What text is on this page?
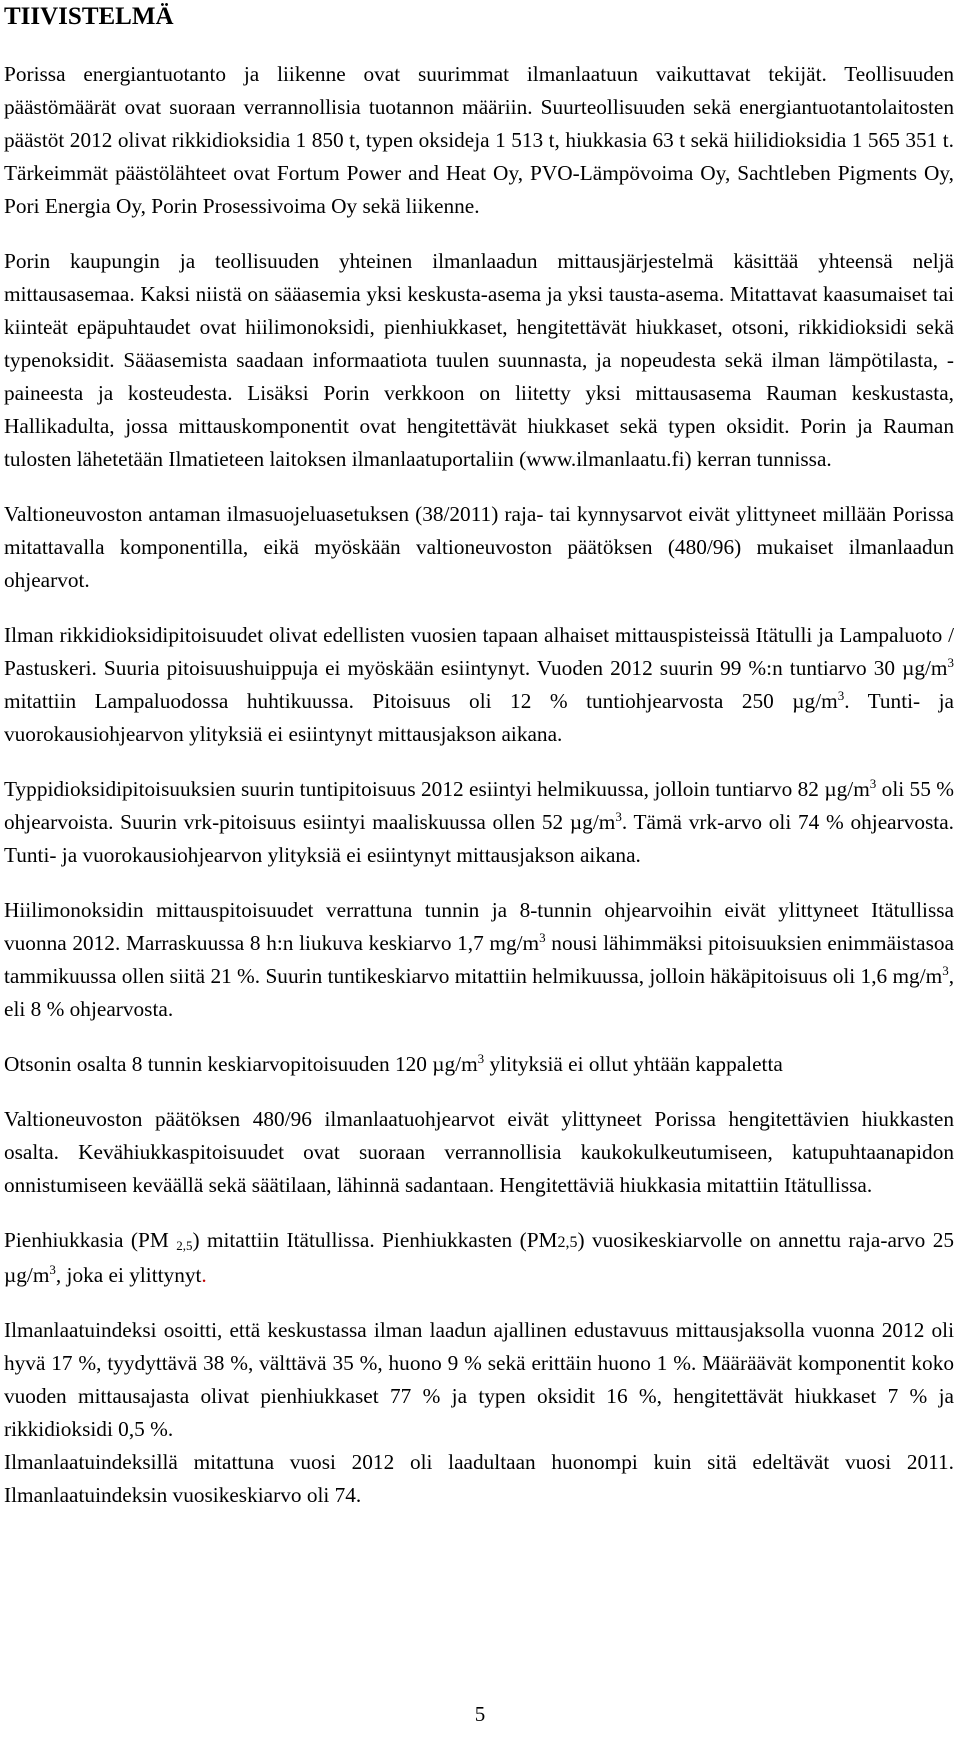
TIIVISTELMÄ

Porissa energiantuotanto ja liikenne ovat suurimmat ilmanlaatuun vaikuttavat tekijät. Teollisuuden päästömäärät ovat suoraan verrannollisia tuotannon määriin. Suurteollisuuden sekä energiantuotantolaitosten päästöt 2012 olivat rikkidioksidia 1 850 t, typen oksideja 1 513 t, hiukkasia 63 t sekä hiilidioksidia 1 565 351 t. Tärkeimmät päästölähteet ovat Fortum Power and Heat Oy, PVO-Lämpövoima Oy, Sachtleben Pigments Oy, Pori Energia Oy, Porin Prosessivoima Oy sekä liikenne.

Porin kaupungin ja teollisuuden yhteinen ilmanlaadun mittausjärjestelmä käsittää yhteensä neljä mittausasemaa. Kaksi niistä on sääasemia yksi keskusta-asema ja yksi tausta-asema. Mitattavat kaasumaiset tai kiinteät epäpuhtaudet ovat hiilimonoksidi, pienhiukkaset, hengitettävät hiukkaset, otsoni, rikkidioksidi sekä typenoksidit. Sääasemista saadaan informaatiota tuulen suunnasta, ja nopeudesta sekä ilman lämpötilasta, - paineesta ja kosteudesta. Lisäksi Porin verkkoon on liitetty yksi mittausasema Rauman keskustasta, Hallikadulta, jossa mittauskomponentit ovat hengitettävät hiukkaset sekä typen oksidit. Porin ja Rauman tulosten lähetetään Ilmatieteen laitoksen ilmanlaatuportaliin (www.ilmanlaatu.fi) kerran tunnissa.

Valtioneuvoston antaman ilmasuojeluasetuksen (38/2011) raja- tai kynnysarvot eivät ylittyneet millään Porissa mitattavalla komponentilla, eikä myöskään valtioneuvoston päätöksen (480/96) mukaiset ilmanlaadun ohjearvot.

Ilman rikkidioksidipitoisuudet olivat edellisten vuosien tapaan alhaiset mittauspisteissä Itätulli ja Lampaluoto / Pastuskeri. Suuria pitoisuushuippuja ei myöskään esiintynyt. Vuoden 2012 suurin 99 %:n tuntiarvo 30 $\mu g/m^3$ mitattiin Lampaluodossa huhtikuussa. Pitoisuus oli 12 % tuntiohjearvosta 250 $\mu g/m^3$. Tunti- ja vuorokausiohjearvon ylityksiä ei esiintynyt mittausjakson aikana.

Typpidioksidipitoisuuksien suurin tuntipitoisuus 2012 esiintyi helmikuussa, jolloin tuntiarvo 82 $\mu g/m^3$ oli 55 % ohjearvoista. Suurin vrk-pitoisuus esiintyi maaliskuussa ollen 52 $\mu g/m^3$. Tämä vrk-arvo oli 74 % ohjearvosta. Tunti- ja vuorokausiohjearvon ylityksiä ei esiintynyt mittausjakson aikana.

Hiilimonoksidin mittauspitoisuudet verrattuna tunnin ja 8-tunnin ohjearvoihin eivät ylittyneet Itätullissa vuonna 2012. Marraskuussa 8 h:n liukuva keskiarvo 1,7 $mg/m^3$ nousi lähimmäksi pitoisuuksien enimmäistasoa tammikuussa ollen siitä 21 %. Suurin tuntikeskiarvo mitattiin helmikuussa, jolloin häkäpitoisuus oli 1,6 $mg/m^3$, eli 8 % ohjearvosta.

Otsonin osalta 8 tunnin keskiarvopitoisuuden 120 $\mu g/m^3$ ylityksiä ei ollut yhtään kappaletta

Valtioneuvoston päätöksen 480/96 ilmanlaatuohjearvot eivät ylittyneet Porissa hengitettävien hiukkasten osalta. Kevähiukkaspitoisuudet ovat suoraan verrannollisia kaukokulkeutumiseen, katupuhtaanapidon onnistumiseen keväällä sekä säätilaan, lähinnä sadantaan. Hengitettäviä hiukkasia mitattiin Itätullissa.

Pienhiukkasia (PM $_{2,5}$) mitattiin Itätullissa. Pienhiukkasten (PM2,5) vuosikeskiarvolle on annettu raja-arvo 25 $\mu g/m^3$, joka ei ylittynyt.

Ilmanlaatuindeksi osoitti, että keskustassa ilman laadun ajallinen edustavuus mittausjaksolla vuonna 2012 oli hyvä 17 %, tyydyttävä 38 %, välttävä 35 %, huono 9 % sekä erittäin huono 1 %. Määräävät komponentit koko vuoden mittausajasta olivat pienhiukkaset 77 % ja typen oksidit 16 %, hengitettävät hiukkaset 7 % ja rikkidioksidi 0,5 %.

Ilmanlaatuindeksillä mitattuna vuosi 2012 oli laadultaan huonompi kuin sitä edeltävät vuosi 2011. Ilmanlaatuindeksin vuosikeskiarvo oli 74.

5
